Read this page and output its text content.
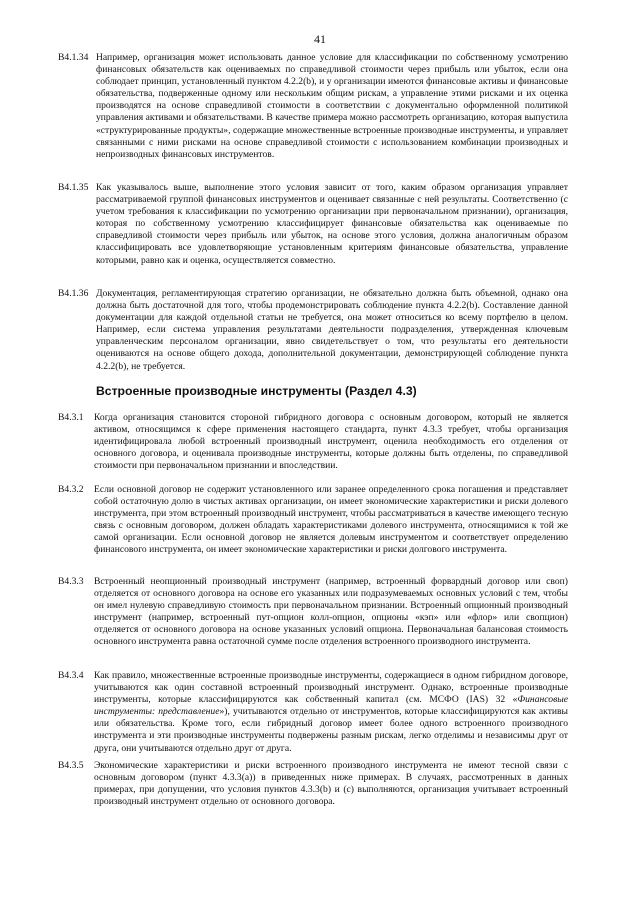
41
B4.1.34 Например, организация может использовать данное условие для классификации по собственному усмотрению финансовых обязательств как оцениваемых по справедливой стоимости через прибыль или убыток, если она соблюдает принцип, установленный пунктом 4.2.2(b), и у организации имеются финансовые активы и финансовые обязательства, подверженные одному или нескольким общим рискам, а управление этими рисками и их оценка производятся на основе справедливой стоимости в соответствии с документально оформленной политикой управления активами и обязательствами. В качестве примера можно рассмотреть организацию, которая выпустила «структурированные продукты», содержащие множественные встроенные производные инструменты, и управляет связанными с ними рисками на основе справедливой стоимости с использованием комбинации производных и непроизводных финансовых инструментов.
B4.1.35 Как указывалось выше, выполнение этого условия зависит от того, каким образом организация управляет рассматриваемой группой финансовых инструментов и оценивает связанные с ней результаты. Соответственно (с учетом требования к классификации по усмотрению организации при первоначальном признании), организация, которая по собственному усмотрению классифицирует финансовые обязательства как оцениваемые по справедливой стоимости через прибыль или убыток, на основе этого условия, должна аналогичным образом классифицировать все удовлетворяющие установленным критериям финансовые обязательства, управление которыми, равно как и оценка, осуществляется совместно.
B4.1.36 Документация, регламентирующая стратегию организации, не обязательно должна быть объемной, однако она должна быть достаточной для того, чтобы продемонстрировать соблюдение пункта 4.2.2(b). Составление данной документации для каждой отдельной статьи не требуется, она может относиться ко всему портфелю в целом. Например, если система управления результатами деятельности подразделения, утвержденная ключевым управленческим персоналом организации, явно свидетельствует о том, что результаты его деятельности оцениваются на основе общего дохода, дополнительной документации, демонстрирующей соблюдение пункта 4.2.2(b), не требуется.
Встроенные производные инструменты (Раздел 4.3)
B4.3.1	Когда организация становится стороной гибридного договора с основным договором, который не является активом, относящимся к сфере применения настоящего стандарта, пункт 4.3.3 требует, чтобы организация идентифицировала любой встроенный производный инструмент, оценила необходимость его отделения от основного договора, и оценивала производные инструменты, которые должны быть отделены, по справедливой стоимости при первоначальном признании и впоследствии.
B4.3.2	Если основной договор не содержит установленного или заранее определенного срока погашения и представляет собой остаточную долю в чистых активах организации, он имеет экономические характеристики и риски долевого инструмента, при этом встроенный производный инструмент, чтобы рассматриваться в качестве имеющего тесную связь с основным договором, должен обладать характеристиками долевого инструмента, относящимися к той же самой организации. Если основной договор не является долевым инструментом и соответствует определению финансового инструмента, он имеет экономические характеристики и риски долгового инструмента.
B4.3.3	Встроенный неопционный производный инструмент (например, встроенный форвардный договор или своп) отделяется от основного договора на основе его указанных или подразумеваемых основных условий с тем, чтобы он имел нулевую справедливую стоимость при первоначальном признании. Встроенный опционный производный инструмент (например, встроенный пут-опцион колл-опцион, опционы «кэп» или «флор» или свопцион) отделяется от основного договора на основе указанных условий опциона. Первоначальная балансовая стоимость основного инструмента равна остаточной сумме после отделения встроенного производного инструмента.
B4.3.4	Как правило, множественные встроенные производные инструменты, содержащиеся в одном гибридном договоре, учитываются как один составной встроенный производный инструмент. Однако, встроенные производные инструменты, которые классифицируются как собственный капитал (см. МСФО (IAS) 32 «Финансовые инструменты: представление»), учитываются отдельно от инструментов, которые классифицируются как активы или обязательства. Кроме того, если гибридный договор имеет более одного встроенного производного инструмента и эти производные инструменты подвержены разным рискам, легко отделимы и независимы друг от друга, они учитываются отдельно друг от друга.
B4.3.5	Экономические характеристики и риски встроенного производного инструмента не имеют тесной связи с основным договором (пункт 4.3.3(a)) в приведенных ниже примерах. В случаях, рассмотренных в данных примерах, при допущении, что условия пунктов 4.3.3(b) и (c) выполняются, организация учитывает встроенный производный инструмент отдельно от основного договора.
